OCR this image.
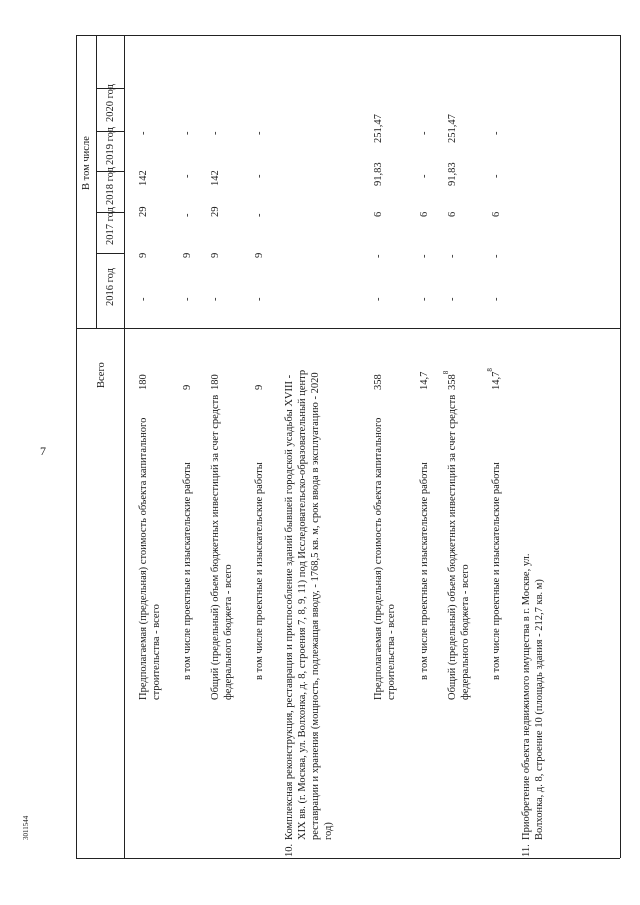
7
3011544
Всего
В том числе
2016 год
2017 год
2018 год
2019 год
2020 год
Предполагаемая (предельная) стоимость объекта капитального строительства - всего
180
-
9
29
142
-
в том числе проектные и изыскательские работы
9
-
9
-
-
-
Общий (предельный) объем бюджетных инвестиций за счет средств федерального бюджета - всего
180
-
9
29
142
-
в том числе проектные и изыскательские работы
9
-
9
-
-
-
10.
Комплексная реконструкция, реставрация и приспособление зданий бывшей городской усадьбы XVIII - XIX вв. (г. Москва, ул. Волхонка, д. 8, строения 7, 8, 9, 11) под Исследовательско-образовательный центр реставрации и хранения (мощность, подлежащая вводу, - 1768,5 кв. м, срок ввода в эксплуатацию - 2020 год)
Предполагаемая (предельная) стоимость объекта капитального строительства - всего
358
-
-
6
91,83
251,47
в том числе проектные и изыскательские работы
14,7
-
-
6
-
-
Общий (предельный) объем бюджетных инвестиций за счет средств федерального бюджета - всего
$358^8$
-
-
6
91,83
251,47
в том числе проектные и изыскательские работы
14,7$^8$
-
-
6
-
-
11.
Приобретение объекта недвижимого имущества в г. Москве, ул. Волхонка, д. 8, строение 10 (площадь здания - 212,7 кв. м)
